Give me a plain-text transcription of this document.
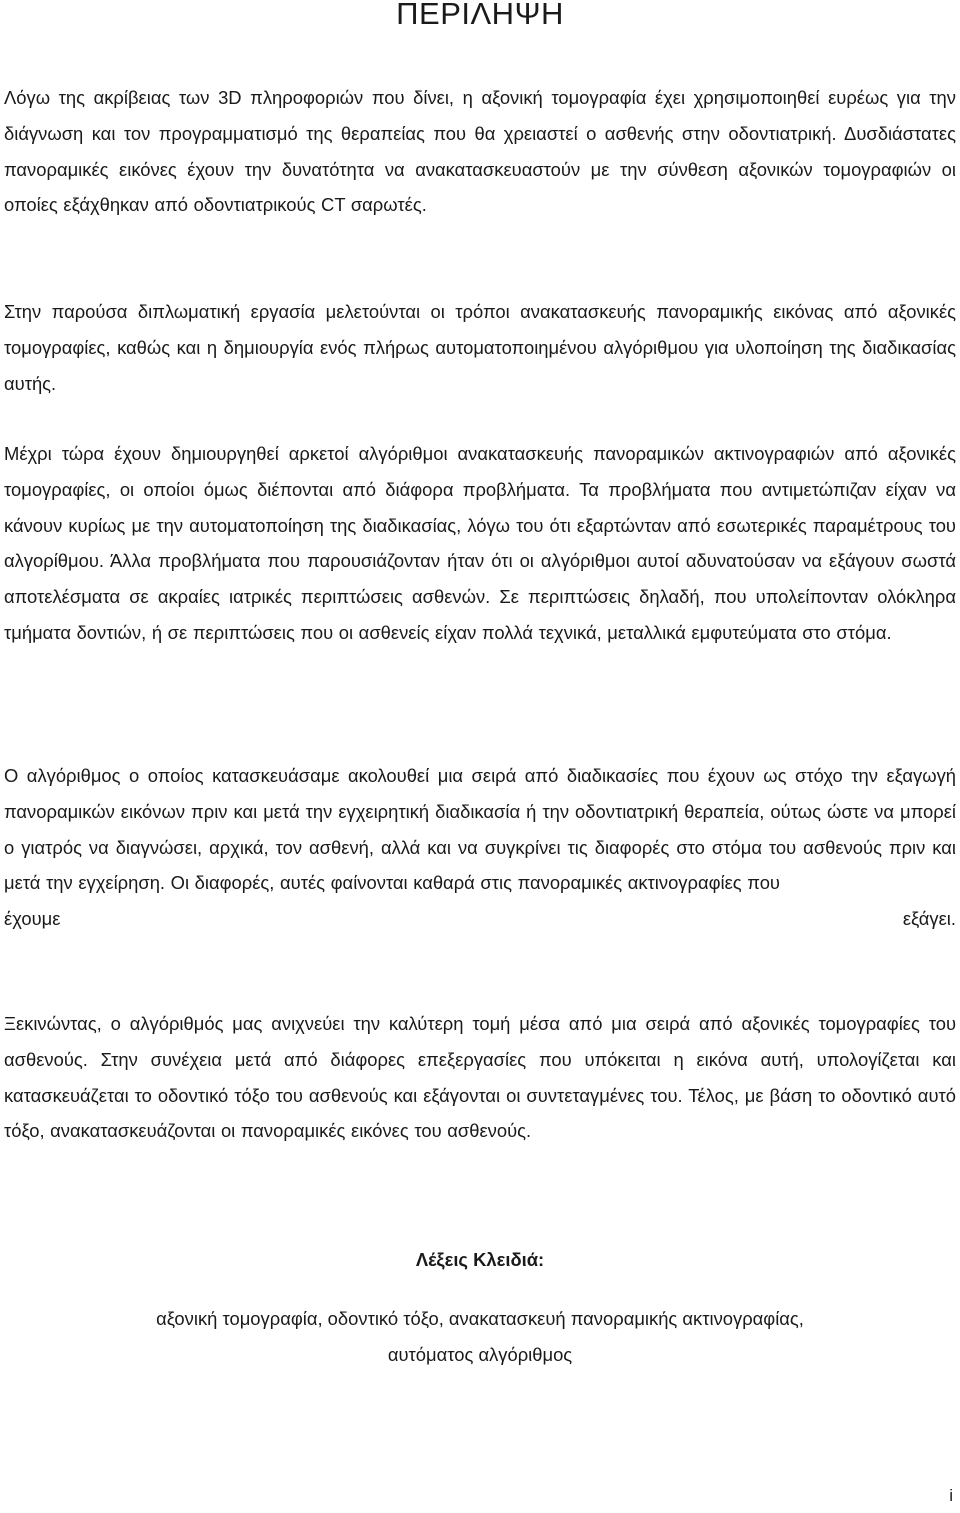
ΠΕΡΙΛΗΨΗ

Λόγω της ακρίβειας των 3D πληροφοριών που δίνει, η αξονική τομογραφία έχει χρησιμοποιηθεί ευρέως για την διάγνωση και τον προγραμματισμό της θεραπείας που θα χρειαστεί ο ασθενής στην οδοντιατρική. Δυσδιάστατες πανοραμικές εικόνες έχουν την δυνατότητα να ανακατασκευαστούν με την σύνθεση αξονικών τομογραφιών οι οποίες εξάχθηκαν από οδοντιατρικούς CT σαρωτές.

Στην παρούσα διπλωματική εργασία μελετούνται οι τρόποι ανακατασκευής πανοραμικής εικόνας από αξονικές τομογραφίες, καθώς και η δημιουργία ενός πλήρως αυτοματοποιημένου αλγόριθμου για υλοποίηση της διαδικασίας αυτής.

Μέχρι τώρα έχουν δημιουργηθεί αρκετοί αλγόριθμοι ανακατασκευής πανοραμικών ακτινογραφιών από αξονικές τομογραφίες, οι οποίοι όμως διέπονται από διάφορα προβλήματα. Τα προβλήματα που αντιμετώπιζαν είχαν να κάνουν κυρίως με την αυτοματοποίηση της διαδικασίας, λόγω του ότι εξαρτώνταν από εσωτερικές παραμέτρους του αλγορίθμου. Άλλα προβλήματα που παρουσιάζονταν ήταν ότι οι αλγόριθμοι αυτοί αδυνατούσαν να εξάγουν σωστά αποτελέσματα σε ακραίες ιατρικές περιπτώσεις ασθενών. Σε περιπτώσεις δηλαδή, που υπολείπονταν ολόκληρα τμήματα δοντιών, ή σε περιπτώσεις που οι ασθενείς είχαν πολλά τεχνικά, μεταλλικά εμφυτεύματα στο στόμα.

Ο αλγόριθμος ο οποίος κατασκευάσαμε ακολουθεί μια σειρά από διαδικασίες που έχουν ως στόχο την εξαγωγή πανοραμικών εικόνων πριν και μετά την εγχειρητική διαδικασία ή την οδοντιατρική θεραπεία, ούτως ώστε να μπορεί ο γιατρός να διαγνώσει, αρχικά, τον ασθενή, αλλά και να συγκρίνει τις διαφορές στο στόμα του ασθενούς πριν και μετά την εγχείρηση. Οι διαφορές, αυτές φαίνονται καθαρά στις πανοραμικές ακτινογραφίες που
έχουμε	εξάγει.

Ξεκινώντας, ο αλγόριθμός μας ανιχνεύει την καλύτερη τομή μέσα από μια σειρά από αξονικές τομογραφίες του ασθενούς. Στην συνέχεια μετά από διάφορες επεξεργασίες που υπόκειται η εικόνα αυτή, υπολογίζεται και κατασκευάζεται το οδοντικό τόξο του ασθενούς και εξάγονται οι συντεταγμένες του. Τέλος, με βάση το οδοντικό αυτό τόξο, ανακατασκευάζονται οι πανοραμικές εικόνες του ασθενούς.

Λέξεις Κλειδιά:

αξονική τομογραφία, οδοντικό τόξο, ανακατασκευή πανοραμικής ακτινογραφίας,
αυτόματος αλγόριθμος

i
